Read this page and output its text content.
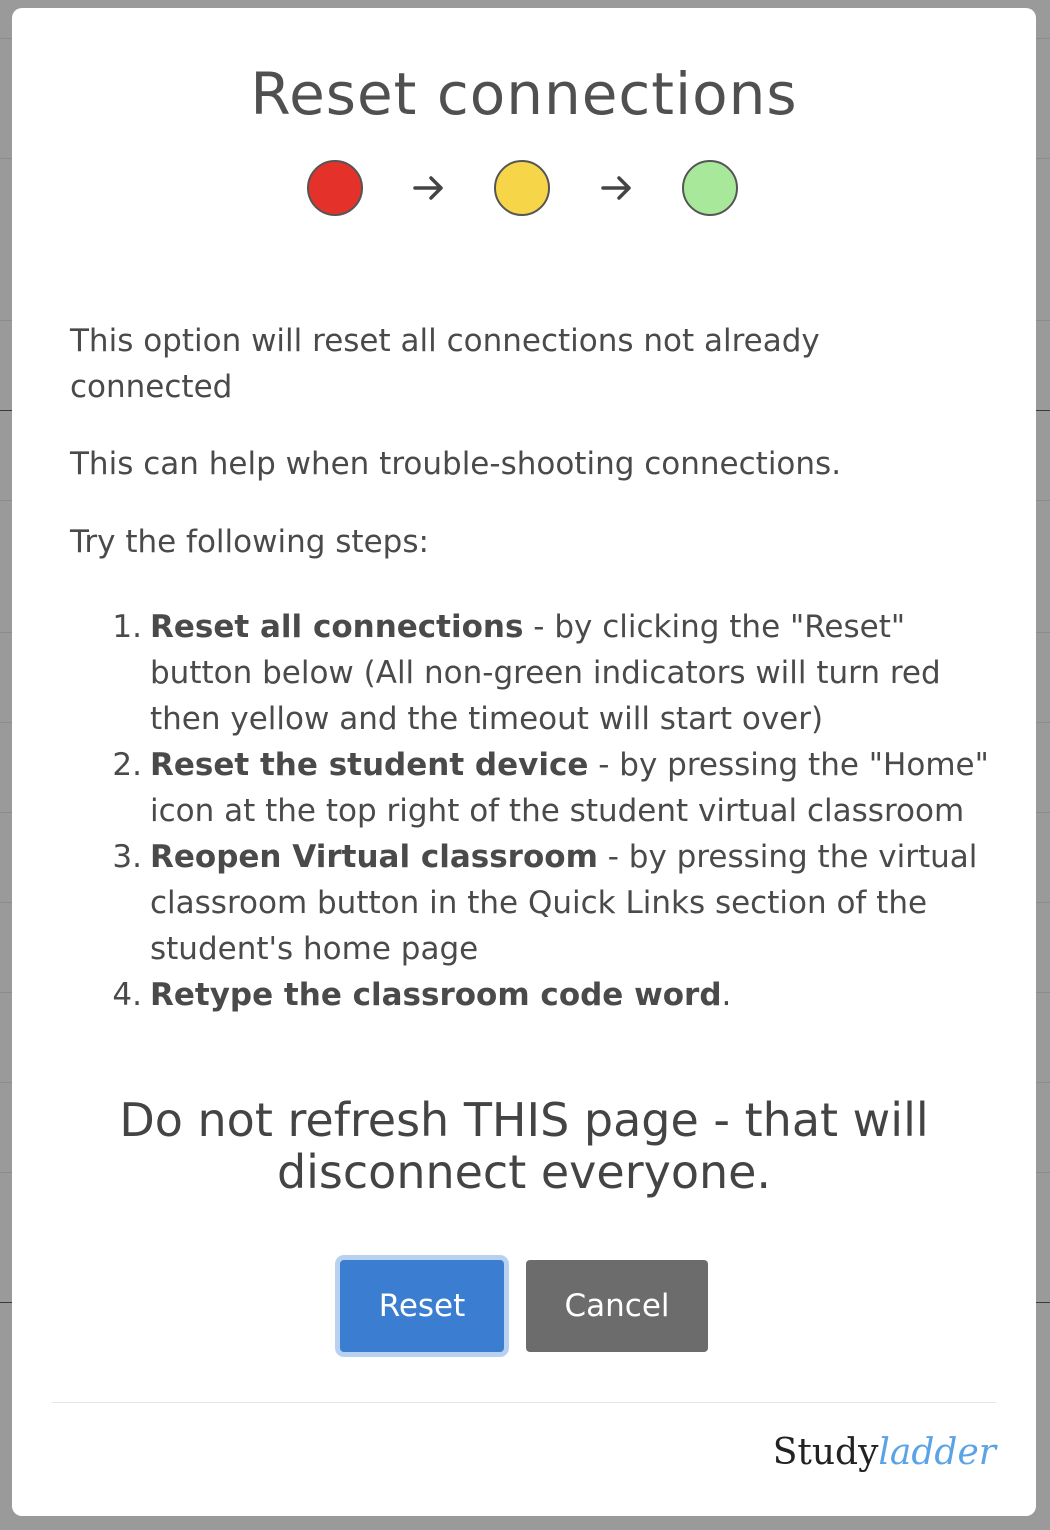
Reset connections

This option will reset all connections not already connected

This can help when trouble-shooting connections.

Try the following steps:

1. Reset all connections - by clicking the "Reset" button below (All non-green indicators will turn red then yellow and the timeout will start over)
2. Reset the student device - by pressing the "Home" icon at the top right of the student virtual classroom
3. Reopen Virtual classroom - by pressing the virtual classroom button in the Quick Links section of the student's home page
4. Retype the classroom code word.

Do not refresh THIS page - that will disconnect everyone.

Reset	Cancel
Studyladder
